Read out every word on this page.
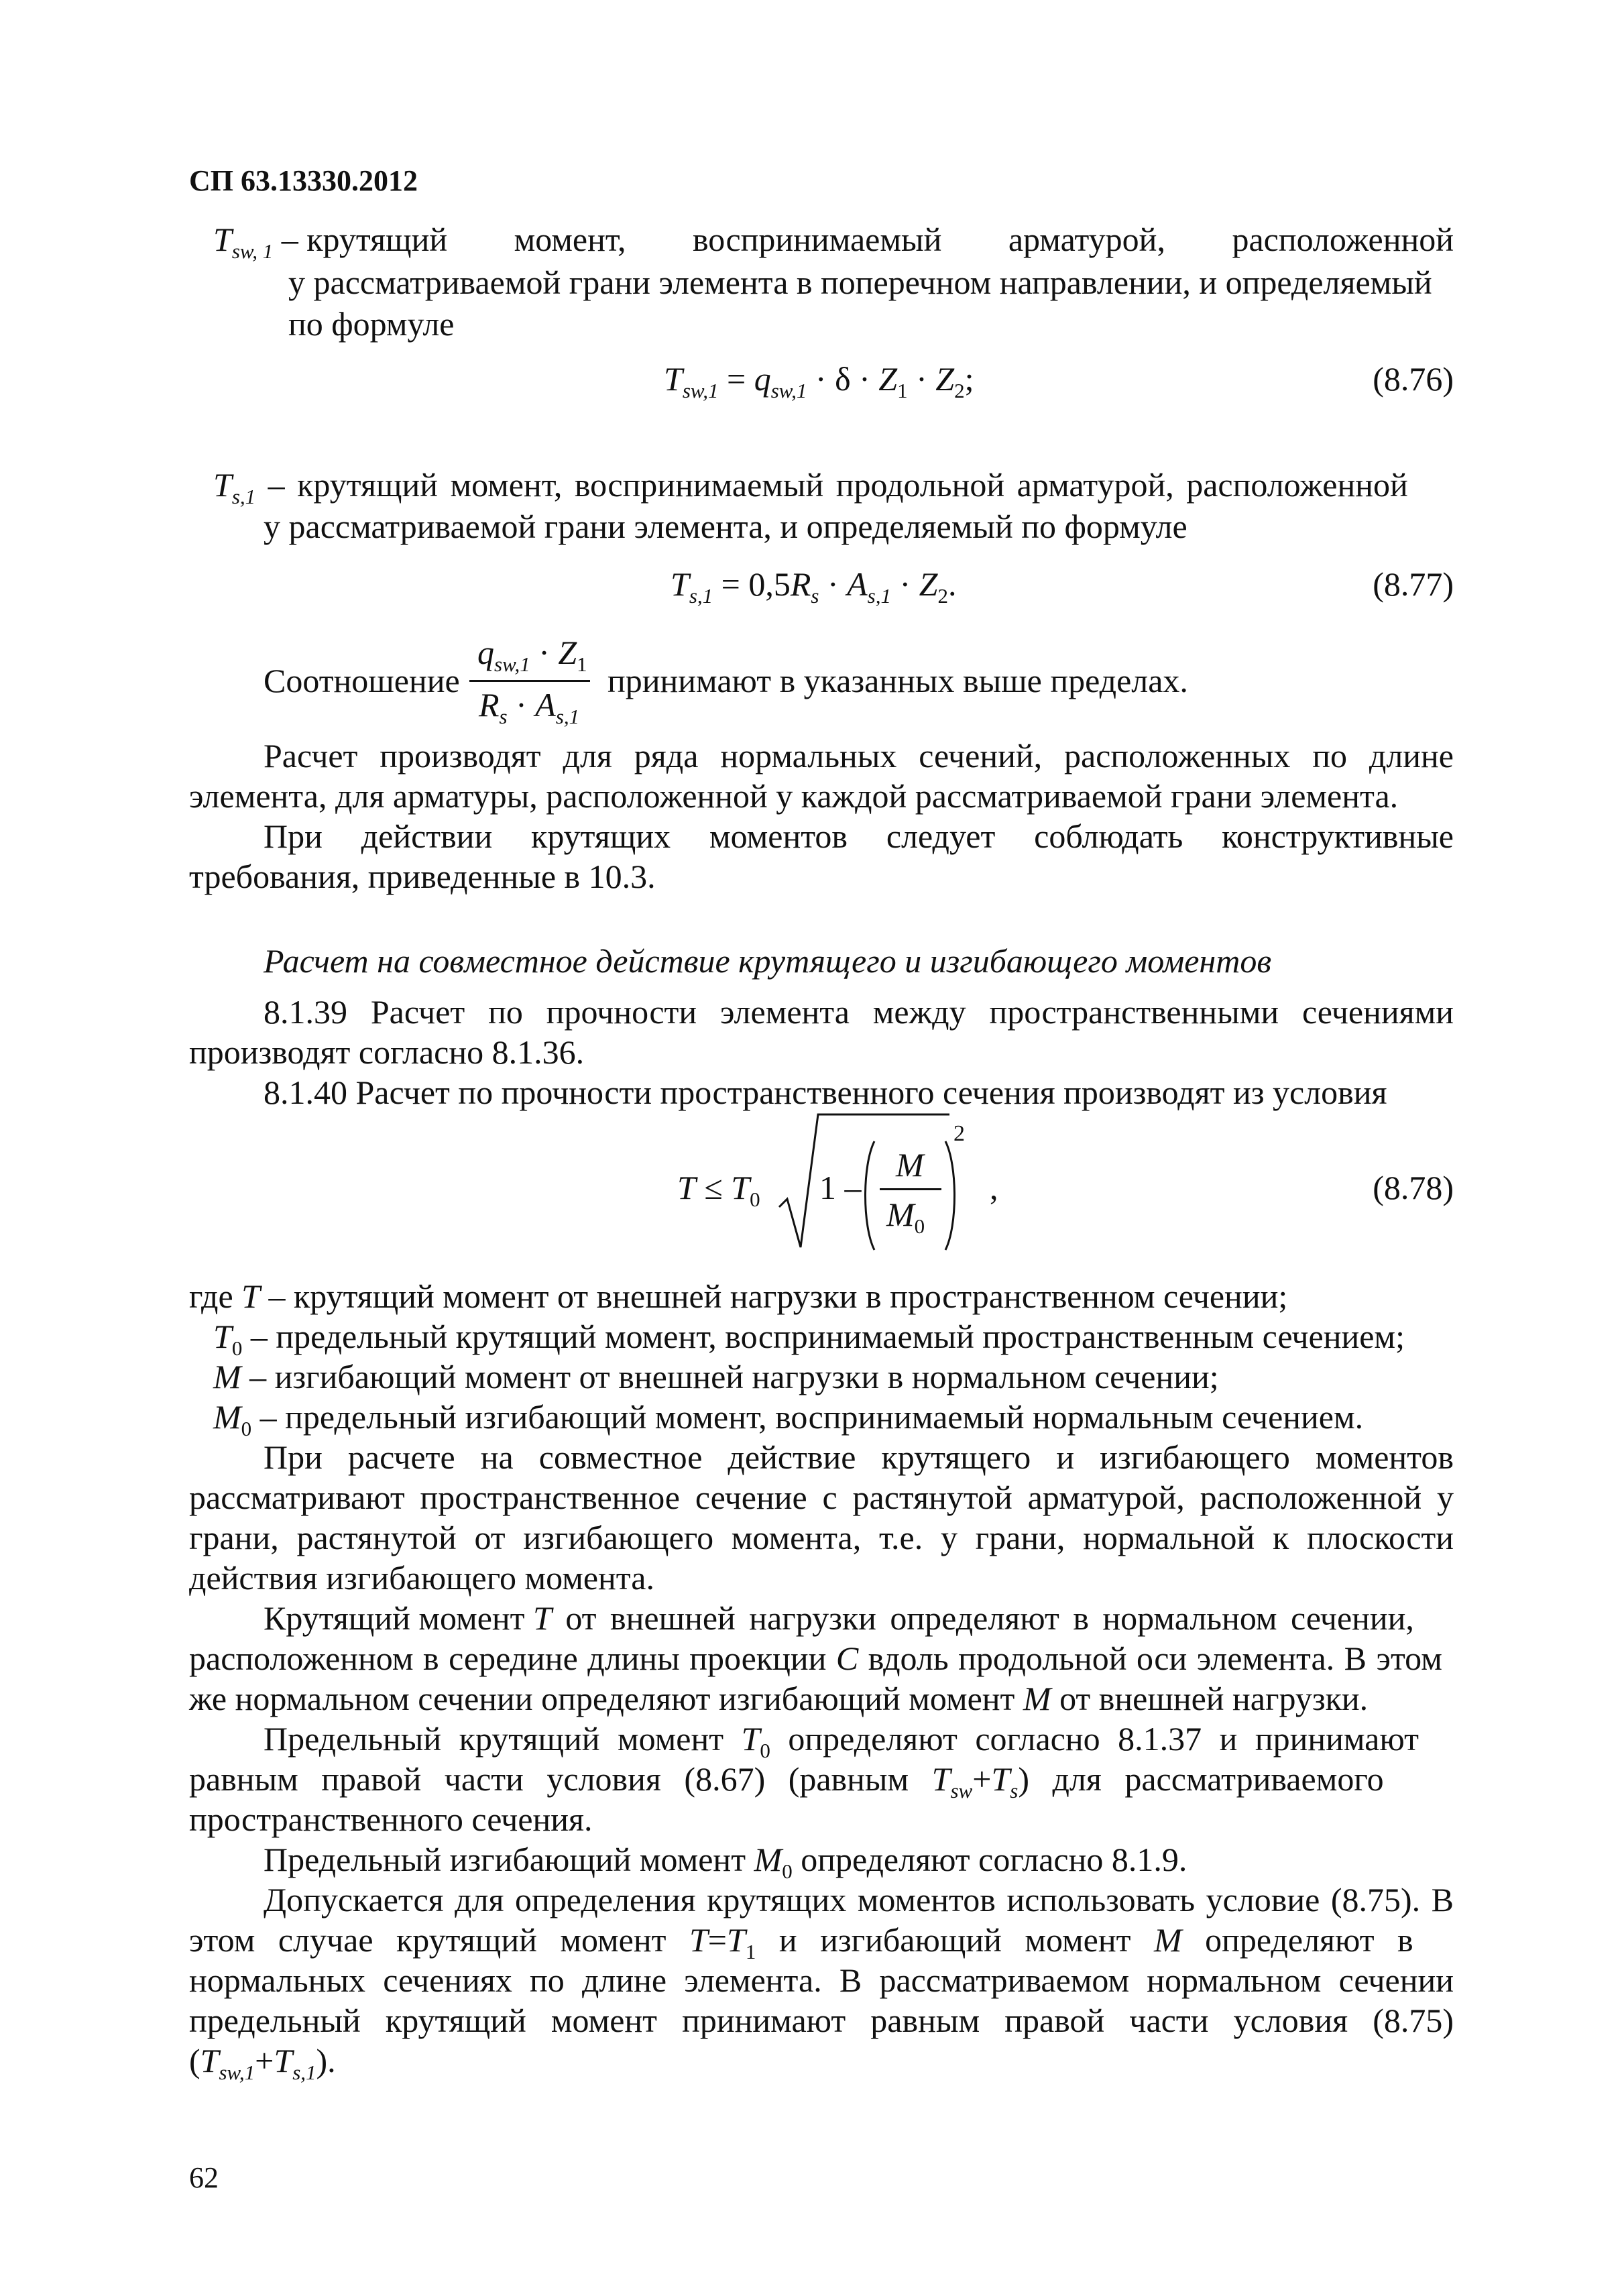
СП 63.13330.2012
$T_{sw, 1}$ – крутящий момент, воспринимаемый арматурой, расположенной
у рассматриваемой грани элемента в поперечном направлении, и определяемый
по формуле
$T_{sw,1} = q_{sw,1} \cdot \delta \cdot Z_1 \cdot Z_2$;	(8.76)
$T_{s,1}$ – крутящий момент, воспринимаемый продольной арматурой, расположенной
у рассматриваемой грани элемента, и определяемый по формуле
$T_{s,1} = 0,5R_s \cdot A_{s,1} \cdot Z_2$.	(8.77)
Соотношение
$q_{sw,1} \cdot Z_1$
$R_s \cdot A_{s,1}$
принимают в указанных выше пределах.
Расчет производят для ряда нормальных сечений, расположенных по длине
элемента, для арматуры, расположенной у каждой рассматриваемой грани элемента.
При действии крутящих моментов следует соблюдать конструктивные
требования, приведенные в 10.3.
Расчет на совместное действие крутящего и изгибающего моментов
8.1.39 Расчет по прочности элемента между пространственными сечениями
производят согласно 8.1.36.
8.1.40 Расчет по прочности пространственного сечения производят из условия
$T \le T_0$ 1 –
M
$M_0$
2
,	(8.78)
где T – крутящий момент от внешней нагрузки в пространственном сечении;
$T_0$ – предельный крутящий момент, воспринимаемый пространственным сечением;
M – изгибающий момент от внешней нагрузки в нормальном сечении;
$M_0$ – предельный изгибающий момент, воспринимаемый нормальным сечением.
При расчете на совместное действие крутящего и изгибающего моментов
рассматривают пространственное сечение с растянутой арматурой, расположенной у
грани, растянутой от изгибающего момента, т.е. у грани, нормальной к плоскости
действия изгибающего момента.
Крутящий момент T от внешней нагрузки определяют в нормальном сечении,
расположенном в середине длины проекции C вдоль продольной оси элемента. В этом
же нормальном сечении определяют изгибающий момент M от внешней нагрузки.
Предельный крутящий момент $T_0$ определяют согласно 8.1.37 и принимают
равным правой части условия (8.67) (равным $T_{sw}+T_s$) для рассматриваемого
пространственного сечения.
Предельный изгибающий момент $M_0$ определяют согласно 8.1.9.
Допускается для определения крутящих моментов использовать условие (8.75). В
этом случае крутящий момент $T=T_1$ и изгибающий момент M определяют в
нормальных сечениях по длине элемента. В рассматриваемом нормальном сечении
предельный крутящий момент принимают равным правой части условия (8.75)
$(T_{sw,1}+T_{s,1})$.
62
